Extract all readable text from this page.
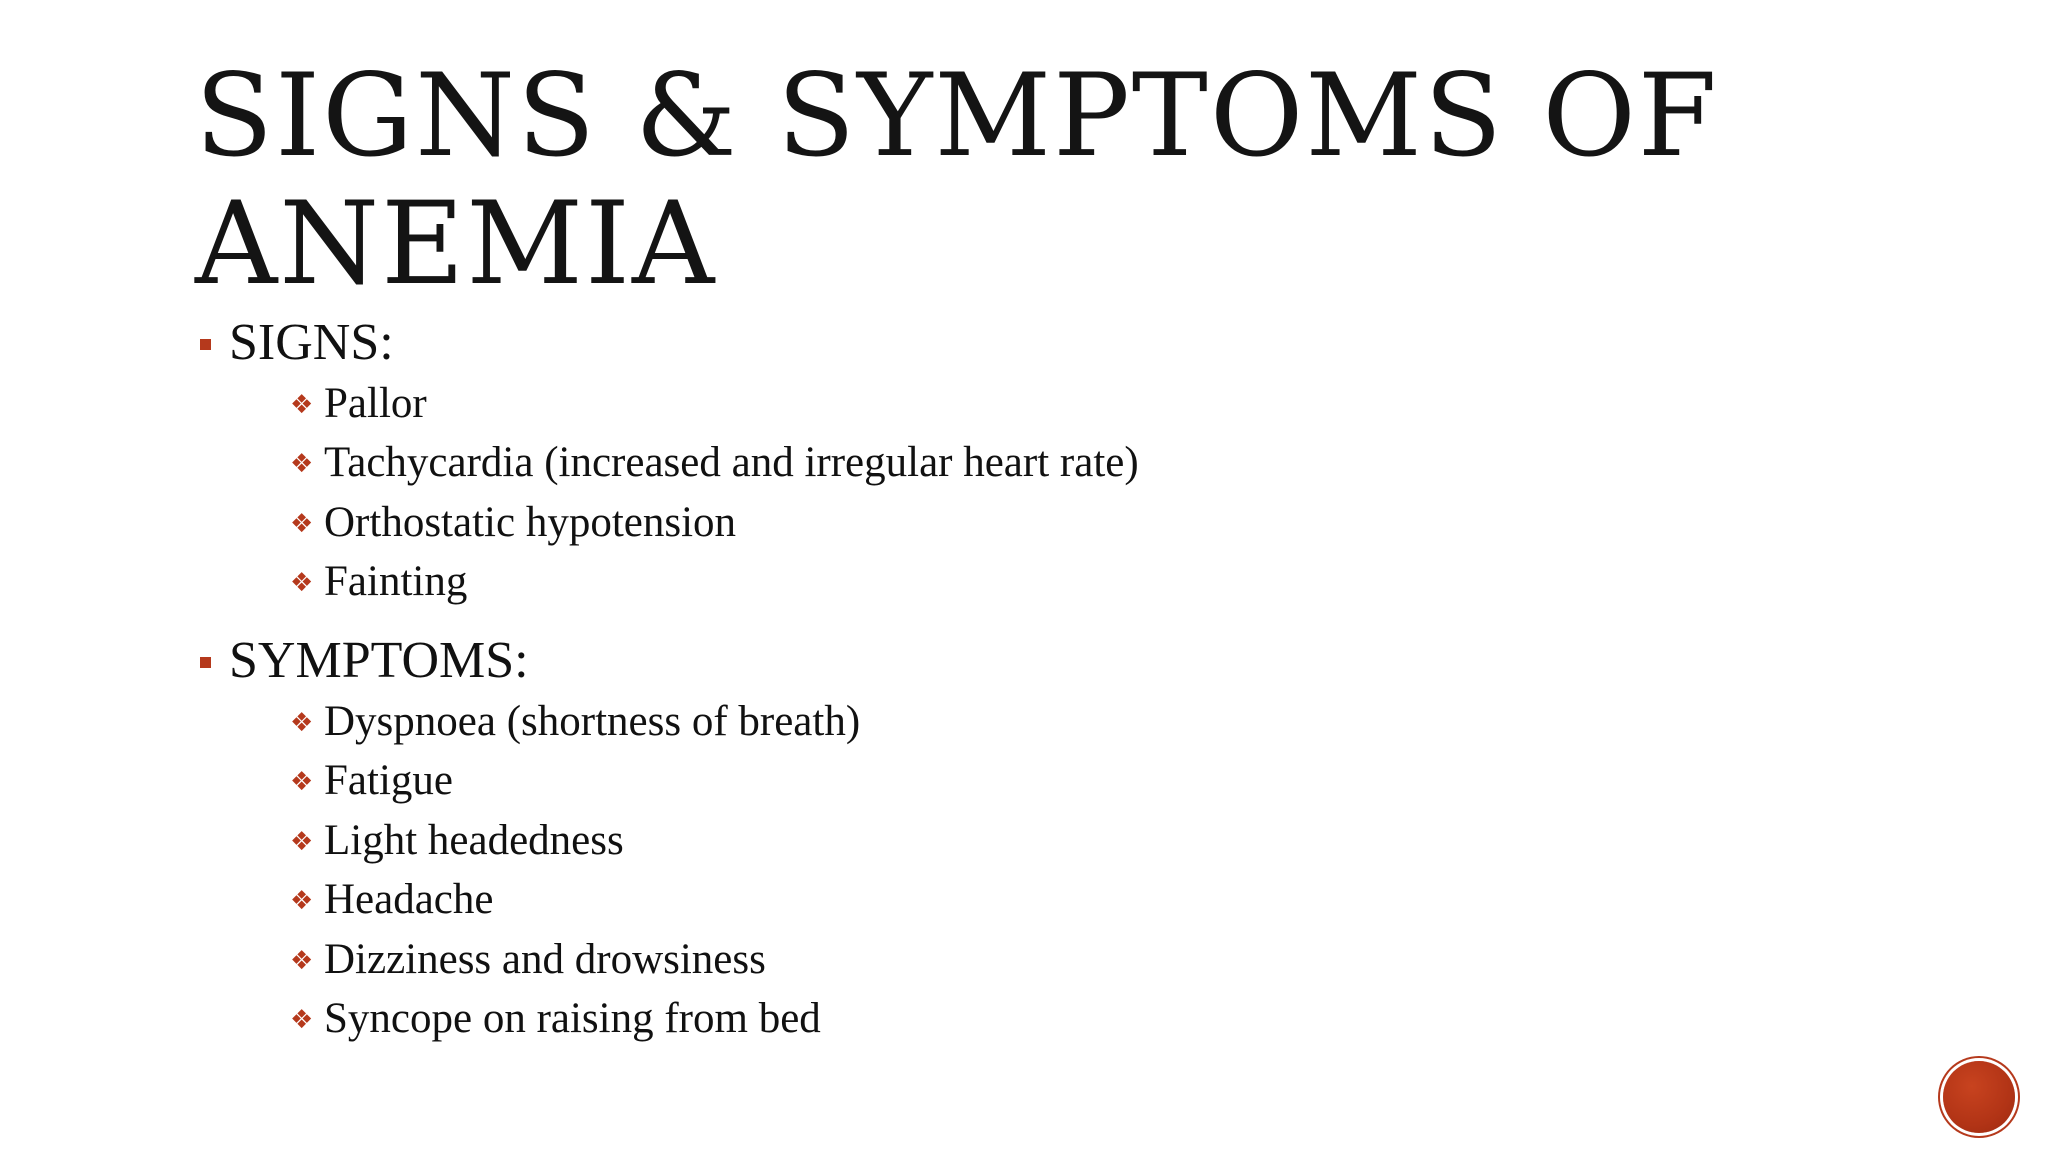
SIGNS & SYMPTOMS OF ANEMIA
SIGNS:
❖ Pallor
❖ Tachycardia (increased and irregular heart rate)
❖ Orthostatic hypotension
❖ Fainting
SYMPTOMS:
❖ Dyspnoea (shortness of breath)
❖ Fatigue
❖ Light headedness
❖ Headache
❖ Dizziness and drowsiness
❖ Syncope on raising from bed
